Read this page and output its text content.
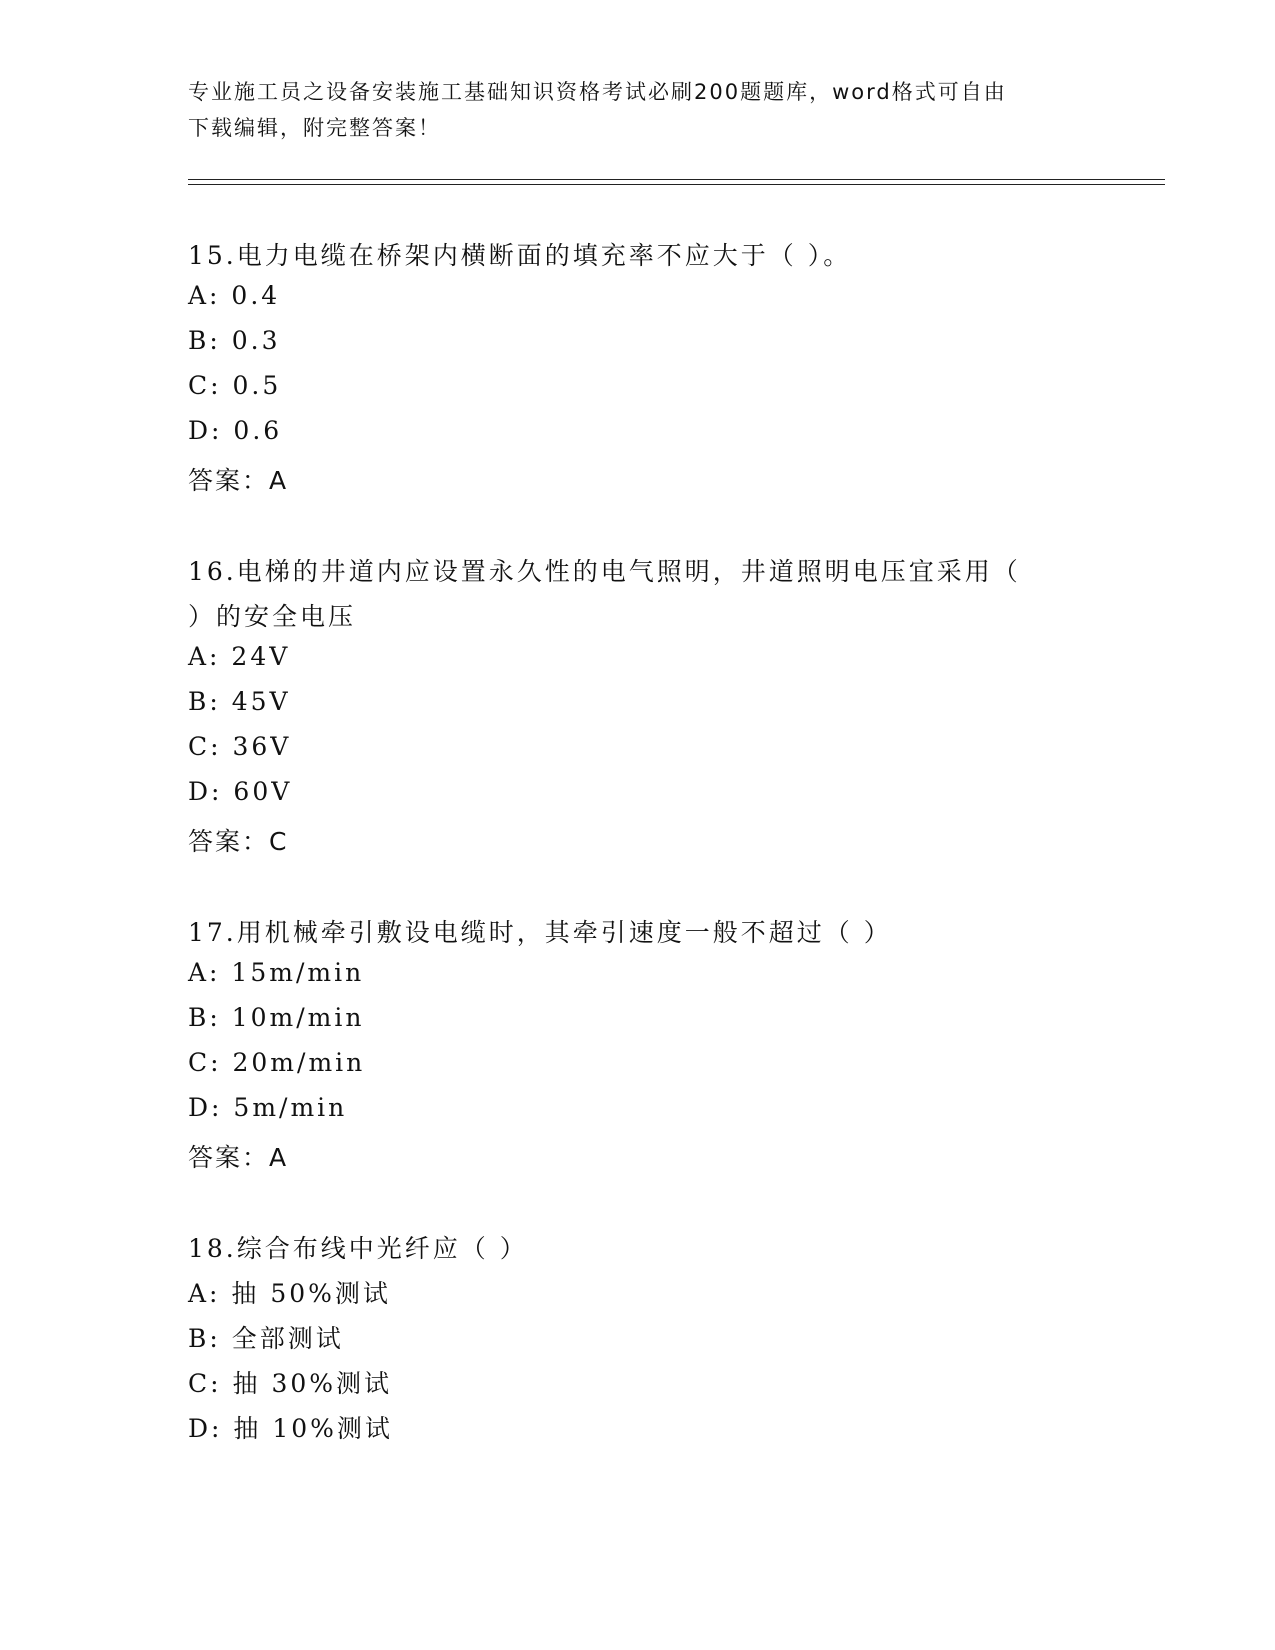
专业施工员之设备安装施工基础知识资格考试必刷200题题库，word格式可自由
下载编辑，附完整答案！
15.电力电缆在桥架内横断面的填充率不应大于（ ）。
A: 0.4
B: 0.3
C: 0.5
D: 0.6
答案：A
16.电梯的井道内应设置永久性的电气照明，井道照明电压宜采用（
）的安全电压
A: 24V
B: 45V
C: 36V
D: 60V
答案：C
17.用机械牵引敷设电缆时，其牵引速度一般不超过（ ）
A: 15m/min
B: 10m/min
C: 20m/min
D: 5m/min
答案：A
18.综合布线中光纤应（ ）
A: 抽 50%测试
B: 全部测试
C: 抽 30%测试
D: 抽 10%测试
